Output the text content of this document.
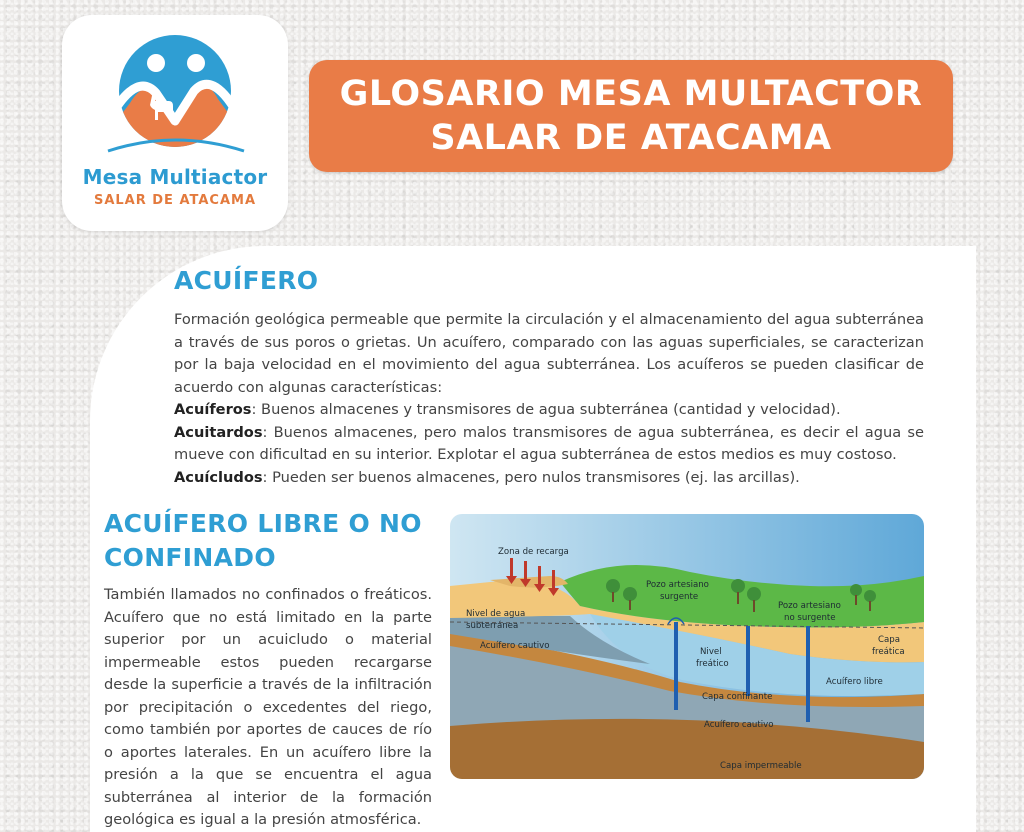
Mesa Multiactor
SALAR DE ATACAMA
GLOSARIO MESA MULTACTOR
SALAR DE ATACAMA
ACUÍFERO
Formación geológica permeable que permite la circulación y el almacenamiento del agua subterránea a través de sus poros o grietas. Un acuífero, comparado con las aguas superficiales, se caracterizan por la baja velocidad en el movimiento del agua subterránea. Los acuíferos se pueden clasificar de acuerdo con algunas características:
Acuíferos: Buenos almacenes y transmisores de agua subterránea (cantidad y velocidad).
Acuitardos: Buenos almacenes, pero malos transmisores de agua subterránea, es decir el agua se mueve con dificultad en su interior. Explotar el agua subterránea de estos medios es muy costoso.
Acuícludos: Pueden ser buenos almacenes, pero nulos transmisores (ej. las arcillas).
ACUÍFERO LIBRE O NO CONFINADO
También llamados no confinados o freáticos. Acuífero que no está limitado en la parte superior por un acuicludo o material impermeable estos pueden recargarse desde la superficie a través de la infiltración por precipitación o excedentes del riego, como también por aportes de cauces de río o aportes laterales. En un acuífero libre la presión a la que se encuentra el agua subterránea al interior de la formación geológica es igual a la presión atmosférica.
Zona de recarga
Pozo artesiano
surgente
Pozo artesiano
no surgente
Nivel de agua
subterránea
Capa
freática
Acuífero cautivo
Nivel
freático
Acuífero libre
Capa confinante
Acuífero cautivo
Capa impermeable
